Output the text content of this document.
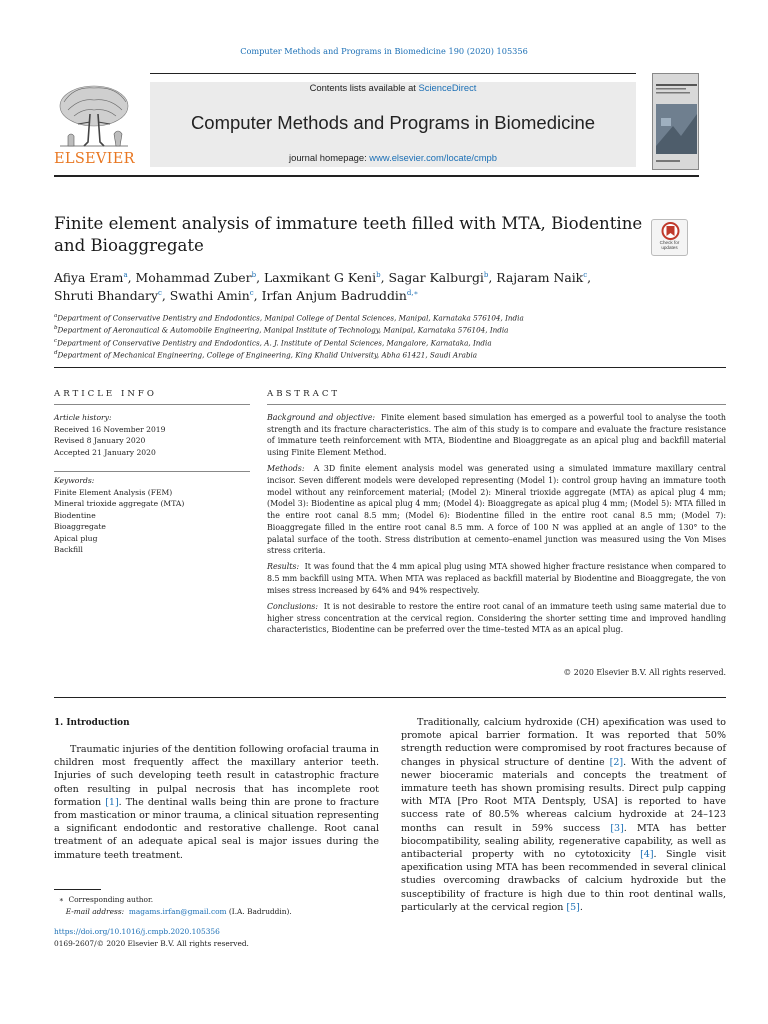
Computer Methods and Programs in Biomedicine 190 (2020) 105356
Contents lists available at ScienceDirect
Computer Methods and Programs in Biomedicine
journal homepage: www.elsevier.com/locate/cmpb
ELSEVIER
Finite element analysis of immature teeth filled with MTA, Biodentine and Bioaggregate	Check for updates
Afiya Eram$^a$, Mohammad Zuber$^b$, Laxmikant G Keni$^b$, Sagar Kalburgi$^b$, Rajaram Naik$^c$,
Shruti Bhandary$^c$, Swathi Amin$^c$, Irfan Anjum Badruddin$^{d,∗}$
$^a$Department of Conservative Dentistry and Endodontics, Manipal College of Dental Sciences, Manipal, Karnataka 576104, India
$^b$Department of Aeronautical & Automobile Engineering, Manipal Institute of Technology, Manipal, Karnataka 576104, India
$^c$Department of Conservative Dentistry and Endodontics, A. J. Institute of Dental Sciences, Mangalore, Karnataka, India
$^d$Department of Mechanical Engineering, College of Engineering, King Khalid University, Abha 61421, Saudi Arabia
ARTICLE INFO	ABSTRACT
Article history:
Received 16 November 2019
Revised 8 January 2020
Accepted 21 January 2020
Keywords:
Finite Element Analysis (FEM)
Mineral trioxide aggregate (MTA)
Biodentine
Bioaggregate
Apical plug
Backfill

Background and objective: Finite element based simulation has emerged as a powerful tool to analyse the tooth strength and its fracture characteristics. The aim of this study is to compare and evaluate the fracture resistance of immature teeth reinforcement with MTA, Biodentine and Bioaggregate as an apical plug and backfill material using Finite Element Method.

Methods: A 3D finite element analysis model was generated using a simulated immature maxillary central incisor. Seven different models were developed representing (Model 1): control group having an immature tooth model without any reinforcement material; (Model 2): Mineral trioxide aggregate (MTA) as apical plug 4 mm; (Model 3): Biodentine as apical plug 4 mm; (Model 4): Bioaggregate as apical plug 4 mm; (Model 5): MTA filled in the entire root canal 8.5 mm; (Model 6): Biodentine filled in the entire root canal 8.5 mm; (Model 7): Bioaggregate filled in the entire root canal 8.5 mm. A force of 100 N was applied at an angle of 130° to the palatal surface of the tooth. Stress distribution at cemento–enamel junction was measured using the Von Mises stress criteria.

Results: It was found that the 4 mm apical plug using MTA showed higher fracture resistance when compared to 8.5 mm backfill using MTA. When MTA was replaced as backfill material by Biodentine and Bioaggregate, the von mises stress increased by 64% and 94% respectively.

Conclusions: It is not desirable to restore the entire root canal of an immature teeth using same material due to higher stress concentration at the cervical region. Considering the shorter setting time and improved handling characteristics, Biodentine can be preferred over the time–tested MTA as an apical plug.

© 2020 Elsevier B.V. All rights reserved.
1. Introduction
Traumatic injuries of the dentition following orofacial trauma in children most frequently affect the maxillary anterior teeth. Injuries of such developing teeth result in catastrophic fracture often resulting in pulpal necrosis that has incomplete root formation [1]. The dentinal walls being thin are prone to fracture from mastication or minor trauma, a clinical situation representing a significant endodontic and restorative challenge. Root canal treatment of an adequate apical seal is major issues during the immature teeth treatment.
Traditionally, calcium hydroxide (CH) apexification was used to promote apical barrier formation. It was reported that 50% strength reduction were compromised by root fractures because of changes in physical structure of dentine [2]. With the advent of newer bioceramic materials and concepts the treatment of immature teeth has shown promising results. Direct pulp capping with MTA [Pro Root MTA Dentsply, USA] is reported to have success rate of 80.5% whereas calcium hydroxide at 24–123 months can result in 59% success [3]. MTA has better biocompatibility, sealing ability, regenerative capability, as well as antibacterial property with no cytotoxicity [4]. Single visit apexification using MTA has been recommended in several clinical studies overcoming drawbacks of calcium hydroxide but the susceptibility of fracture is high due to thin root dentinal walls, particularly at the cervical region [5].
∗ Corresponding author.
E-mail address: magams.irfan@gmail.com (I.A. Badruddin).
https://doi.org/10.1016/j.cmpb.2020.105356
0169-2607/© 2020 Elsevier B.V. All rights reserved.
